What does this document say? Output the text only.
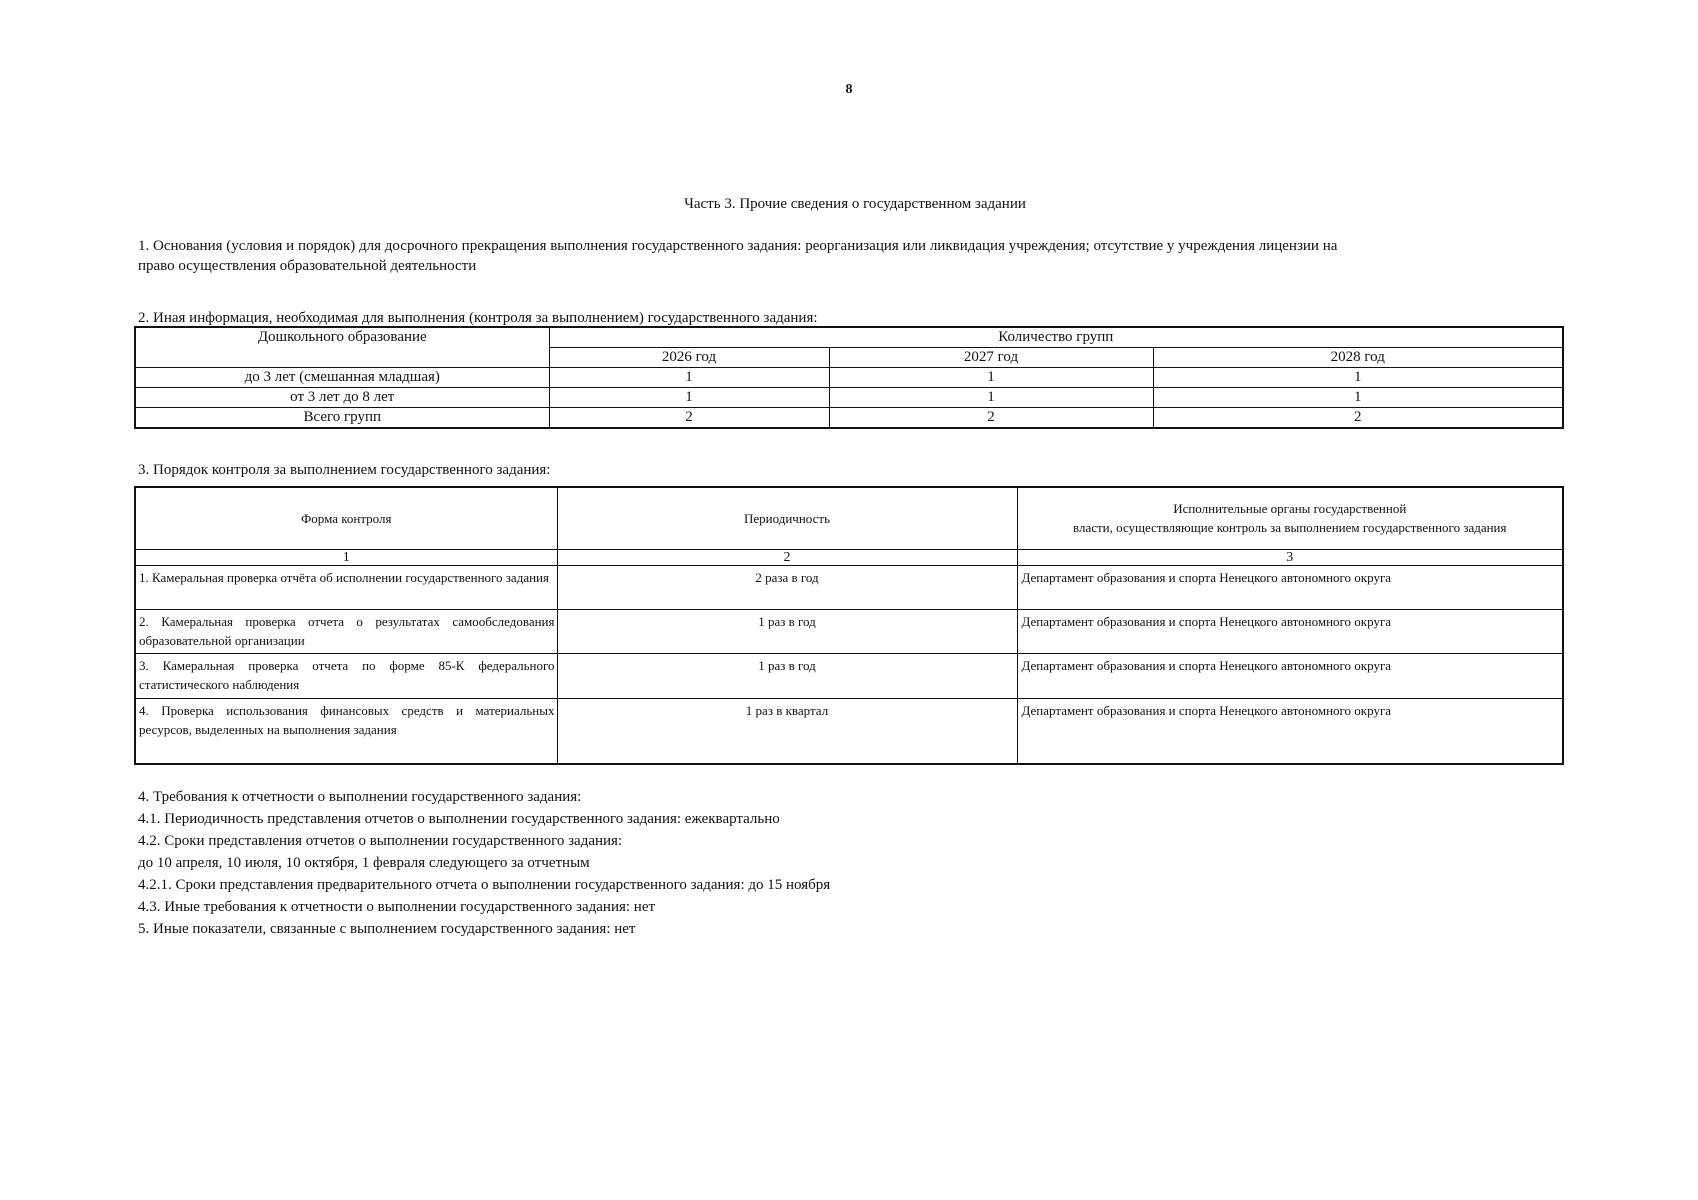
8
Часть 3. Прочие сведения о государственном задании
1. Основания (условия и порядок) для досрочного прекращения выполнения государственного задания: реорганизация или ликвидация учреждения; отсутствие у учреждения лицензии на
право осуществления образовательной деятельности
2. Иная информация, необходимая для выполнения (контроля за выполнением) государственного задания:
Дошкольного образование	Количество групп		
	2026 год	2027 год	2028 год
до 3 лет (смешанная младшая)	1	1	1
от 3 лет до 8 лет	1	1	1
Всего групп	2	2	2
3. Порядок контроля за выполнением государственного задания:
Форма контроля	Периодичность	Исполнительные органы государственной
власти, осуществляющие контроль за выполнением государственного задания

1	2	3
1. Камеральная проверка отчёта об исполнении государственного задания	2 раза в год	Департамент образования и спорта Ненецкого автономного округа
2. Камеральная проверка отчета о результатах самообследования образовательной организации	1 раз в год	Департамент образования и спорта Ненецкого автономного округа
3. Камеральная проверка отчета по форме 85-К федерального статистического наблюдения	1 раз в год	Департамент образования и спорта Ненецкого автономного округа
4. Проверка использования финансовых средств и материальных ресурсов, выделенных на выполнения задания	1 раз в квартал	Департамент образования и спорта Ненецкого автономного округа
4. Требования к отчетности о выполнении государственного задания:
4.1. Периодичность представления отчетов о выполнении государственного задания: ежеквартально
4.2. Сроки представления отчетов о выполнении государственного задания:
до 10 апреля, 10 июля, 10 октября, 1 февраля следующего за отчетным
4.2.1. Сроки представления предварительного отчета о выполнении государственного задания: до 15 ноября
4.3. Иные требования к отчетности о выполнении государственного задания: нет
5. Иные показатели, связанные с выполнением государственного задания: нет
